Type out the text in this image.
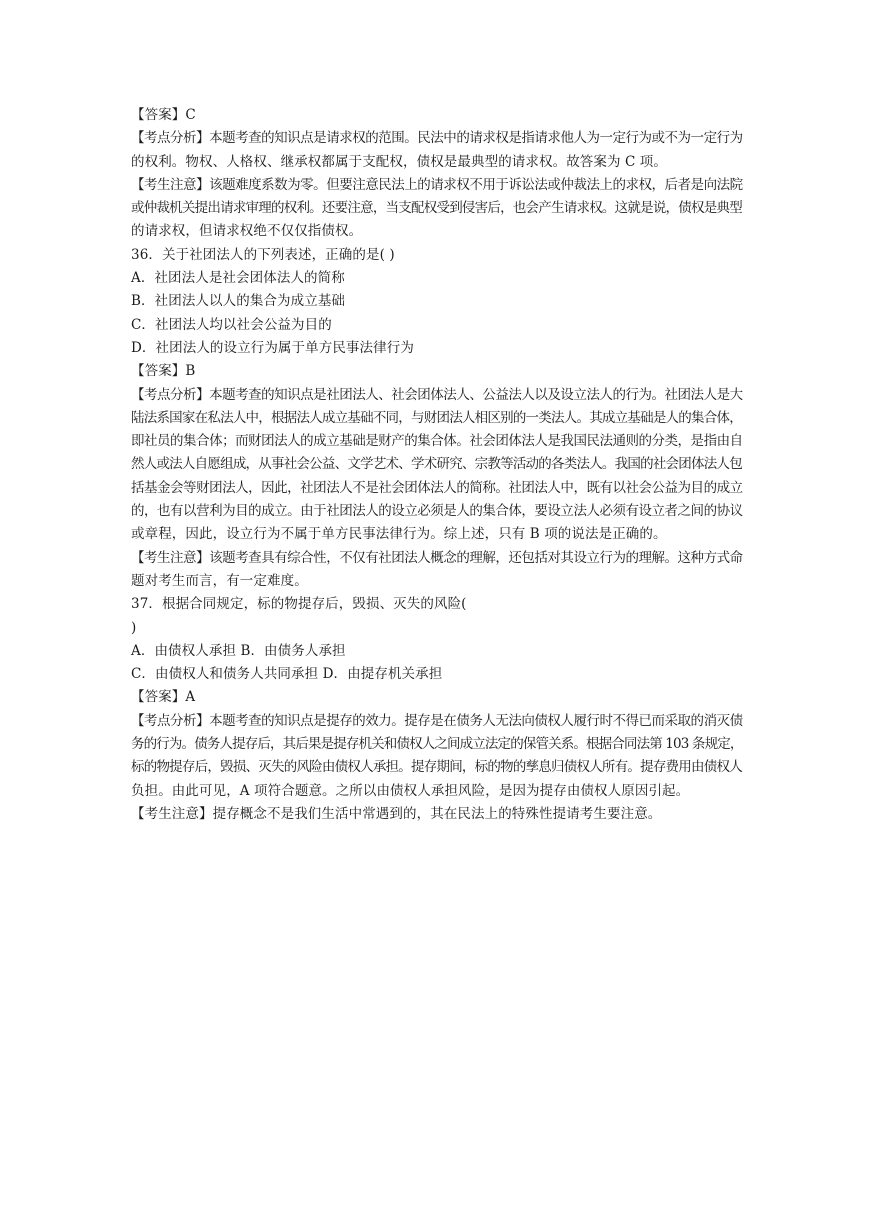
【答案】C
【考点分析】本题考查的知识点是请求权的范围。民法中的请求权是指请求他人为一定行为或不为一定行为
的权利。物权、人格权、继承权都属于支配权，债权是最典型的请求权。故答案为 C 项。
【考生注意】该题难度系数为零。但要注意民法上的请求权不用于诉讼法或仲裁法上的求权，后者是向法院
或仲裁机关提出请求审理的权利。还要注意，当支配权受到侵害后，也会产生请求权。这就是说，债权是典型
的请求权，但请求权绝不仅仅指债权。
36．关于社团法人的下列表述，正确的是( )
A．社团法人是社会团体法人的简称
B．社团法人以人的集合为成立基础
C．社团法人均以社会公益为目的
D．社团法人的设立行为属于单方民事法律行为
【答案】B
【考点分析】本题考查的知识点是社团法人、社会团体法人、公益法人以及设立法人的行为。社团法人是大
陆法系国家在私法人中，根据法人成立基础不同，与财团法人相区别的一类法人。其成立基础是人的集合体，
即社员的集合体；而财团法人的成立基础是财产的集合体。社会团体法人是我国民法通则的分类，是指由自
然人或法人自愿组成，从事社会公益、文学艺术、学术研究、宗教等活动的各类法人。我国的社会团体法人包
括基金会等财团法人，因此，社团法人不是社会团体法人的简称。社团法人中，既有以社会公益为目的成立
的，也有以营利为目的成立。由于社团法人的设立必须是人的集合体，要设立法人必须有设立者之间的协议
或章程，因此，设立行为不属于单方民事法律行为。综上述，只有 B 项的说法是正确的。
【考生注意】该题考查具有综合性，不仅有社团法人概念的理解，还包括对其设立行为的理解。这种方式命
题对考生而言，有一定难度。
37．根据合同规定，标的物提存后，毁损、灭失的风险(
)
A．由债权人承担 B．由债务人承担
C．由债权人和债务人共同承担 D．由提存机关承担
【答案】A
【考点分析】本题考查的知识点是提存的效力。提存是在债务人无法向债权人履行时不得已而采取的消灭债
务的行为。债务人提存后，其后果是提存机关和债权人之间成立法定的保管关系。根据合同法第 103 条规定，
标的物提存后，毁损、灭失的风险由债权人承担。提存期间，标的物的孳息归债权人所有。提存费用由债权人
负担。由此可见，A 项符合题意。之所以由债权人承担风险，是因为提存由债权人原因引起。
【考生注意】提存概念不是我们生活中常遇到的，其在民法上的特殊性提请考生要注意。
